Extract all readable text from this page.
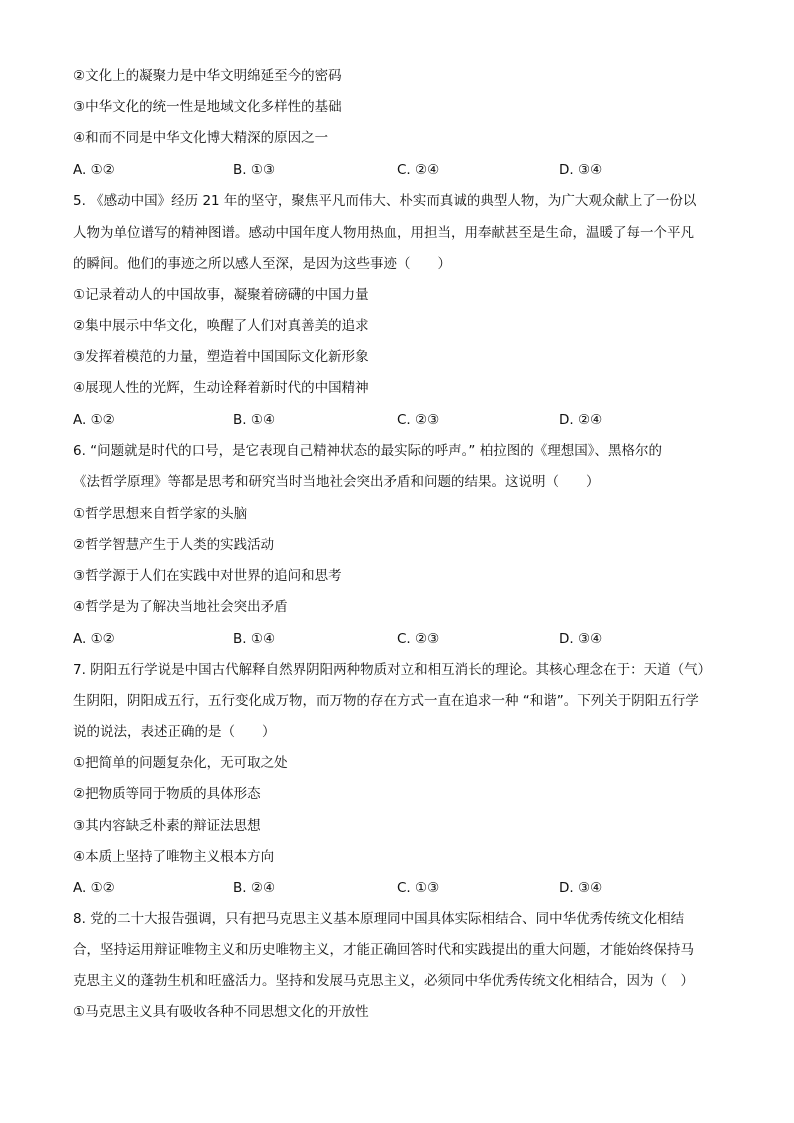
②文化上的凝聚力是中华文明绵延至今的密码
③中华文化的统一性是地域文化多样性的基础
④和而不同是中华文化博大精深的原因之一
A. ①②	B. ①③	C. ②④	D. ③④
5. 《感动中国》经历 21 年的坚守，聚焦平凡而伟大、朴实而真诚的典型人物，为广大观众献上了一份以
人物为单位谱写的精神图谱。感动中国年度人物用热血，用担当，用奉献甚至是生命，温暖了每一个平凡
的瞬间。他们的事迹之所以感人至深，是因为这些事迹（　　）
①记录着动人的中国故事，凝聚着磅礴的中国力量
②集中展示中华文化，唤醒了人们对真善美的追求
③发挥着模范的力量，塑造着中国国际文化新形象
④展现人性的光辉，生动诠释着新时代的中国精神
A. ①②	B. ①④	C. ②③	D. ②④
6. “问题就是时代的口号，是它表现自己精神状态的最实际的呼声。” 柏拉图的《理想国》、黑格尔的
《法哲学原理》等都是思考和研究当时当地社会突出矛盾和问题的结果。这说明（　　）
①哲学思想来自哲学家的头脑
②哲学智慧产生于人类的实践活动
③哲学源于人们在实践中对世界的追问和思考
④哲学是为了解决当地社会突出矛盾
A. ①②	B. ①④	C. ②③	D. ③④
7. 阴阳五行学说是中国古代解释自然界阴阳两种物质对立和相互消长的理论。其核心理念在于：天道（气）
生阴阳，阴阳成五行，五行变化成万物，而万物的存在方式一直在追求一种 “和谐”。下列关于阴阳五行学
说的说法，表述正确的是（　　）
①把简单的问题复杂化，无可取之处
②把物质等同于物质的具体形态
③其内容缺乏朴素的辩证法思想
④本质上坚持了唯物主义根本方向
A. ①②	B. ②④	C. ①③	D. ③④
8. 党的二十大报告强调，只有把马克思主义基本原理同中国具体实际相结合、同中华优秀传统文化相结
合，坚持运用辩证唯物主义和历史唯物主义，才能正确回答时代和实践提出的重大问题，才能始终保持马
克思主义的蓬勃生机和旺盛活力。坚持和发展马克思主义，必须同中华优秀传统文化相结合，因为（　）
①马克思主义具有吸收各种不同思想文化的开放性
